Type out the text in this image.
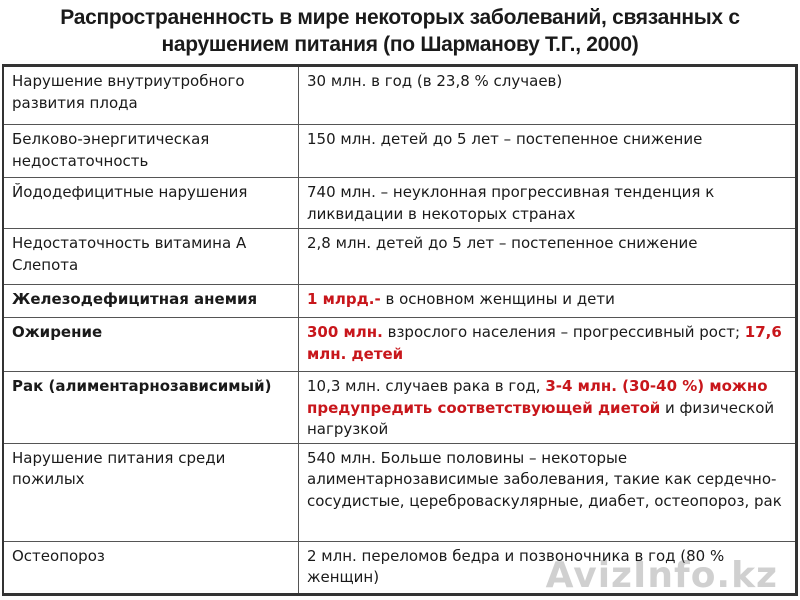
Распространенность в мире некоторых заболеваний, связанных с
нарушением питания (по Шарманову Т.Г., 2000)
Нарушение внутриутробного развития плода	30 млн. в год (в 23,8 % случаев)
Белково-энергитическая недостаточность	150 млн. детей до 5 лет – постепенное снижение
Йододефицитные нарушения	740 млн. – неуклонная прогрессивная тенденция к ликвидации в некоторых странах
Недостаточность витамина А Слепота	2,8 млн. детей до 5 лет – постепенное снижение
Железодефицитная анемия	1 млрд.- в основном женщины и дети
Ожирение	300 млн. взрослого населения – прогрессивный рост; 17,6 млн. детей
Рак (алиментарнозависимый)	10,3 млн. случаев рака в год, 3-4 млн. (30-40 %) можно предупредить соответствующей диетой и физической нагрузкой
Нарушение питания среди пожилых	540 млн. Больше половины – некоторые алиментарнозависимые заболевания, такие как сердечно-сосудистые, цереброваскулярные, диабет, остеопороз, рак
Остеопороз	2 млн. переломов бедра и позвоночника в год (80 % женщин)	AvizInfo.kz
